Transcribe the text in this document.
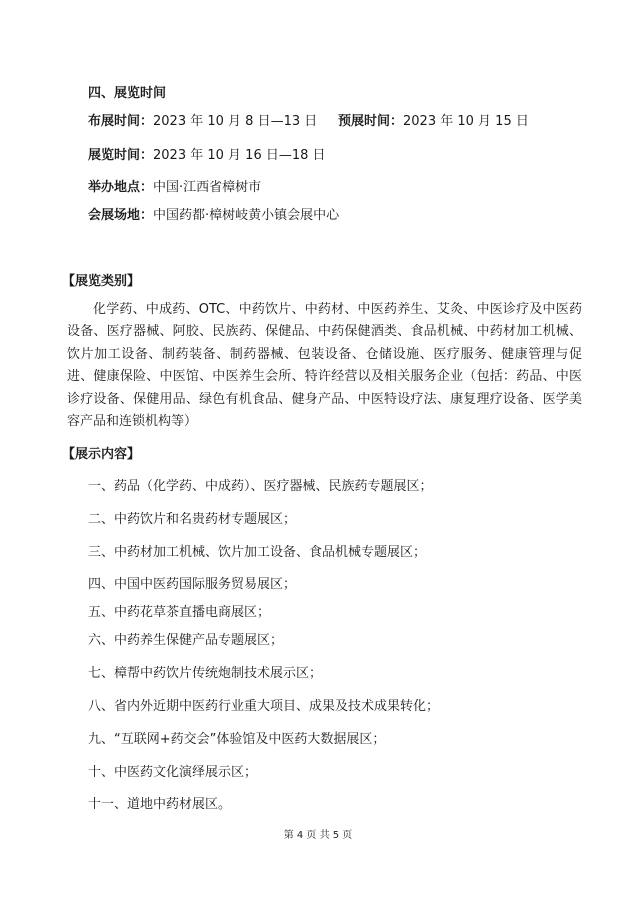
四、展览时间
布展时间：2023 年 10 月 8 日—13 日 预展时间：2023 年 10 月 15 日
展览时间：2023 年 10 月 16 日—18 日
举办地点：中国·江西省樟树市
会展场地：中国药都·樟树岐黄小镇会展中心
【展览类别】
化学药、中成药、OTC、中药饮片、中药材、中医药养生、艾灸、中医诊疗及中医药设备、医疗器械、阿胶、民族药、保健品、中药保健酒类、食品机械、中药材加工机械、饮片加工设备、制药装备、制药器械、包装设备、仓储设施、医疗服务、健康管理与促进、健康保险、中医馆、中医养生会所、特许经营以及相关服务企业（包括：药品、中医诊疗设备、保健用品、绿色有机食品、健身产品、中医特设疗法、康复理疗设备、医学美容产品和连锁机构等）
【展示内容】
一、药品（化学药、中成药）、医疗器械、民族药专题展区；
二、中药饮片和名贵药材专题展区；
三、中药材加工机械、饮片加工设备、食品机械专题展区；
四、中国中医药国际服务贸易展区；
五、中药花草茶直播电商展区；
六、中药养生保健产品专题展区；
七、樟帮中药饮片传统炮制技术展示区；
八、省内外近期中医药行业重大项目、成果及技术成果转化；
九、“互联网+药交会”体验馆及中医药大数据展区；
十、中医药文化演绎展示区；
十一、道地中药材展区。
第 4 页 共 5 页
